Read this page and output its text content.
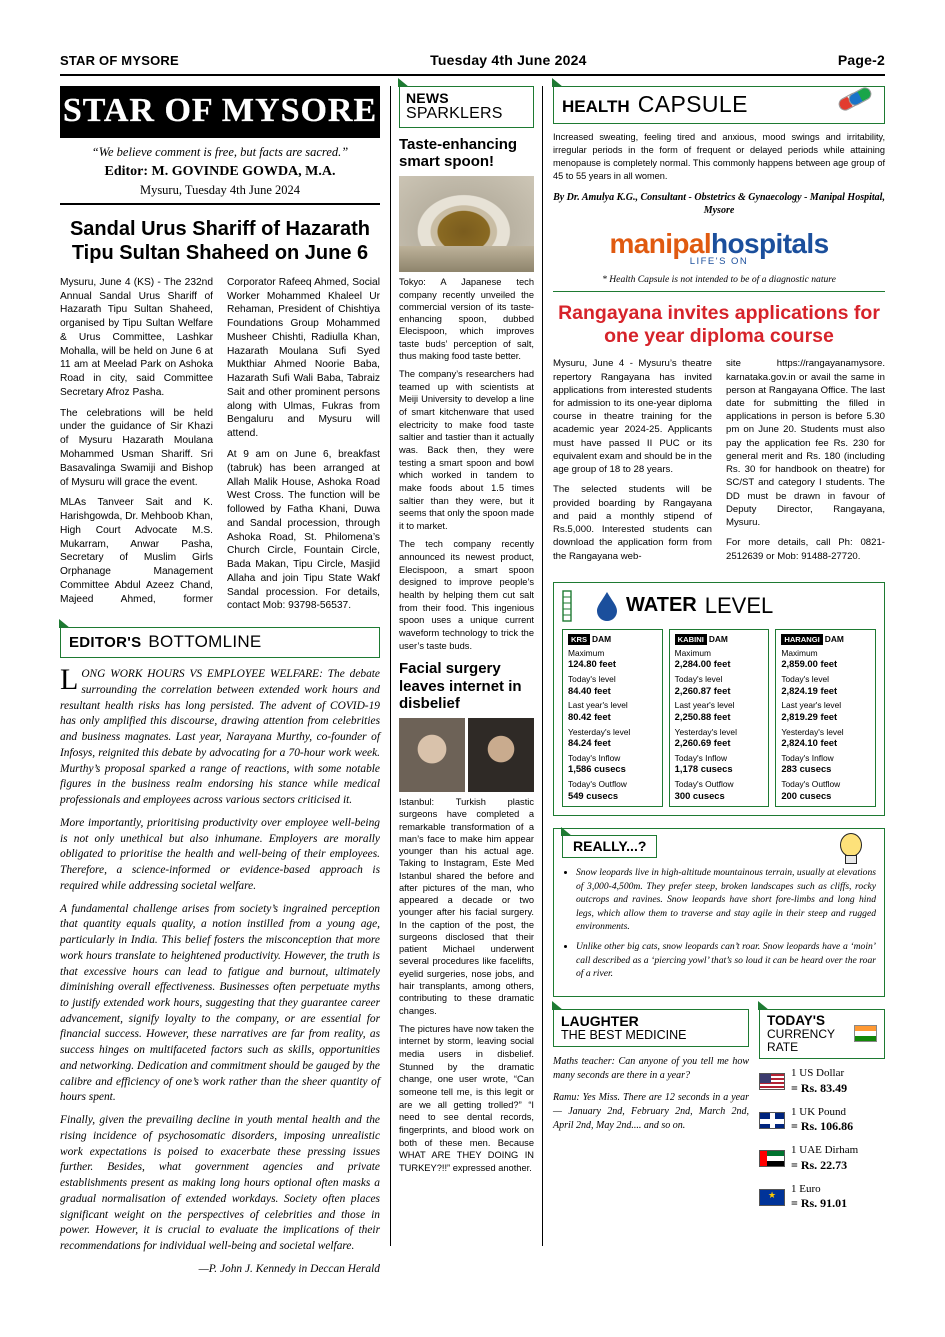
STAR OF MYSORE	Tuesday 4th June 2024	Page-2
STAR OF MYSORE
“We believe comment is free, but facts are sacred.”
Editor: M. GOVINDE GOWDA, M.A.
Mysuru, Tuesday 4th June 2024
Sandal Urus Shariff of Hazarath Tipu Sultan Shaheed on June 6

Mysuru, June 4 (KS) - The 232nd Annual Sandal Urus Shariff of Hazarath Tipu Sultan Shaheed, organised by Tipu Sultan Welfare & Urus Committee, Lashkar Mohalla, will be held on June 6 at 11 am at Meelad Park on Ashoka Road in city, said Committee Secretary Afroz Pasha.

The celebrations will be held under the guidance of Sir Khazi of Mysuru Hazarath Moulana Mohammed Usman Shariff. Sri Basavalinga Swamiji and Bishop of Mysuru will grace the event.

MLAs Tanveer Sait and K. Harishgowda, Dr. Mehboob Khan, High Court Advocate M.S. Mukarram, Anwar Pasha, Secretary of Muslim Girls Orphanage Management Committee Abdul Azeez Chand, Majeed Ahmed, former Corporator Rafeeq Ahmed, Social Worker Mohammed Khaleel Ur Rehaman, President of Chishtiya Foundations Group Mohammed Musheer Chishti, Radiulla Khan, Hazarath Moulana Sufi Syed Mukthiar Ahmed Noorie Baba, Hazarath Sufi Wali Baba, Tabraiz Sait and other prominent persons along with Ulmas, Fukras from Bengaluru and Mysuru will attend.

At 9 am on June 6, breakfast (tabruk) has been arranged at Allah Malik House, Ashoka Road West Cross. The function will be followed by Fatha Khani, Duwa and Sandal procession, through Ashoka Road, St. Philomena’s Church Circle, Fountain Circle, Bada Makan, Tipu Circle, Masjid Allaha and join Tipu State Wakf Sandal procession. For details, contact Mob: 93798-56537.

EDITOR'S BOTTOMLINE

LONG WORK HOURS VS EMPLOYEE WELFARE: The debate surrounding the correlation between extended work hours and resultant health risks has long persisted. The advent of COVID-19 has only amplified this discourse, drawing attention from celebrities and business magnates. Last year, Narayana Murthy, co-founder of Infosys, reignited this debate by advocating for a 70-hour work week. Murthy’s proposal sparked a range of reactions, with some notable figures in the business realm endorsing his stance while medical professionals and employees across various sectors criticised it.

More importantly, prioritising productivity over employee well-being is not only unethical but also inhumane. Employers are morally obligated to prioritise the health and well-being of their employees. Therefore, a science-informed or evidence-based approach is required while addressing societal welfare.

A fundamental challenge arises from society’s ingrained perception that quantity equals quality, a notion instilled from a young age, particularly in India. This belief fosters the misconception that more work hours translate to heightened productivity. However, the truth is that excessive hours can lead to fatigue and burnout, ultimately diminishing overall effectiveness. Businesses often perpetuate myths to justify extended work hours, suggesting that they guarantee career advancement, signify loyalty to the company, or are essential for financial success. However, these narratives are far from reality, as success hinges on multifaceted factors such as skills, opportunities and networking. Dedication and commitment should be gauged by the calibre and efficiency of one’s work rather than the sheer quantity of hours spent.

Finally, given the prevailing decline in youth mental health and the rising incidence of psychosomatic disorders, imposing unrealistic work expectations is poised to exacerbate these pressing issues further. Besides, what government agencies and private establishments present as making long hours optional often masks a gradual normalisation of extended workdays. Society often places significant weight on the perspectives of celebrities and those in power. However, it is crucial to evaluate the implications of their recommendations for individual well-being and societal welfare.

—P. John J. Kennedy in Deccan Herald
NEWS
SPARKLERS
Taste-enhancing smart spoon!
Tokyo: A Japanese tech company recently unveiled the commercial version of its taste-enhancing spoon, dubbed Elecispoon, which improves taste buds’ perception of salt, thus making food taste better.

The company’s researchers had teamed up with scientists at Meiji University to develop a line of smart kitchenware that used electricity to make food taste saltier and tastier than it actually was. Back then, they were testing a smart spoon and bowl which worked in tandem to make foods about 1.5 times saltier than they were, but it seems that only the spoon made it to market.

The tech company recently announced its newest product, Elecispoon, a smart spoon designed to improve people’s health by helping them cut salt from their food. This ingenious spoon uses a unique current waveform technology to trick the user’s taste buds.

Facial surgery leaves internet in disbelief
Istanbul: Turkish plastic surgeons have completed a remarkable transformation of a man’s face to make him appear younger than his actual age. Taking to Instagram, Este Med Istanbul shared the before and after pictures of the man, who appeared a decade or two younger after his facial surgery. In the caption of the post, the surgeons disclosed that their patient Michael underwent several procedures like facelifts, eyelid surgeries, nose jobs, and hair transplants, among others, contributing to these dramatic changes.

The pictures have now taken the internet by storm, leaving social media users in disbelief. Stunned by the dramatic change, one user wrote, “Can someone tell me, is this legit or are we all getting trolled?” “I need to see dental records, fingerprints, and blood work on both of these men. Because WHAT ARE THEY DOING IN TURKEY?!!” expressed another.

HEALTH CAPSULE
Increased sweating, feeling tired and anxious, mood swings and irritability, irregular periods in the form of frequent or delayed periods while attaining menopause is completely normal. This commonly happens between age group of 45 to 55 years in all women.
By Dr. Amulya K.G., Consultant - Obstetrics & Gynaecology - Manipal Hospital, Mysore
manipalhospitals
LIFE'S ON
* Health Capsule is not intended to be of a diagnostic nature
Rangayana invites applications for one year diploma course

Mysuru, June 4 - Mysuru’s theatre repertory Rangayana has invited applications from interested students for admission to its one-year diploma course in theatre training for the academic year 2024-25. Applicants must have passed II PUC or its equivalent exam and should be in the age group of 18 to 28 years.

The selected students will be provided boarding by Rangayana and paid a monthly stipend of Rs.5,000. Interested students can download the application form from the Rangayana web-

site https://rangayanamysore. karnataka.gov.in or avail the same in person at Rangayana Office. The last date for submitting the filled in applications in person is before 5.30 pm on June 20. Students must also pay the application fee Rs. 230 for general merit and Rs. 180 (including Rs. 30 for handbook on theatre) for SC/ST and category I students. The DD must be drawn in favour of Deputy Director, Rangayana, Mysuru.

For more details, call Ph: 0821-2512639 or Mob: 91488-27720.

WATER LEVEL
KRS DAM
Maximum
124.80 feet
Today's level
84.40 feet
Last year's level
80.42 feet
Yesterday's level
84.24 feet
Today's Inflow
1,586 cusecs
Today's Outflow
549 cusecs
KABINI DAM
Maximum
2,284.00 feet
Today's level
2,260.87 feet
Last year's level
2,250.88 feet
Yesterday's level
2,260.69 feet
Today's Inflow
1,178 cusecs
Today's Outflow
300 cusecs
HARANGI DAM
Maximum
2,859.00 feet
Today's level
2,824.19 feet
Last year's level
2,819.29 feet
Yesterday's level
2,824.10 feet
Today's Inflow
283 cusecs
Today's Outflow
200 cusecs
REALLY...?
• Snow leopards live in high-altitude mountainous terrain, usually at elevations of 3,000-4,500m. They prefer steep, broken landscapes such as cliffs, rocky outcrops and ravines. Snow leopards have short fore-limbs and long hind legs, which allow them to traverse and stay agile in their steep and rugged environments.
• Unlike other big cats, snow leopards can’t roar. Snow leopards have a ‘moin’ call described as a ‘piercing yowl’ that’s so loud it can be heard over the roar of a river.
LAUGHTER
THE BEST MEDICINE

Maths teacher: Can anyone of you tell me how many seconds are there in a year?

Ramu: Yes Miss. There are 12 seconds in a year — January 2nd, February 2nd, March 2nd, April 2nd, May 2nd.... and so on.

TODAY'S
CURRENCY RATE
1 US Dollar
= Rs. 83.49
1 UK Pound
= Rs. 106.86
1 UAE Dirham
= Rs. 22.73
★
1 Euro
= Rs. 91.01
